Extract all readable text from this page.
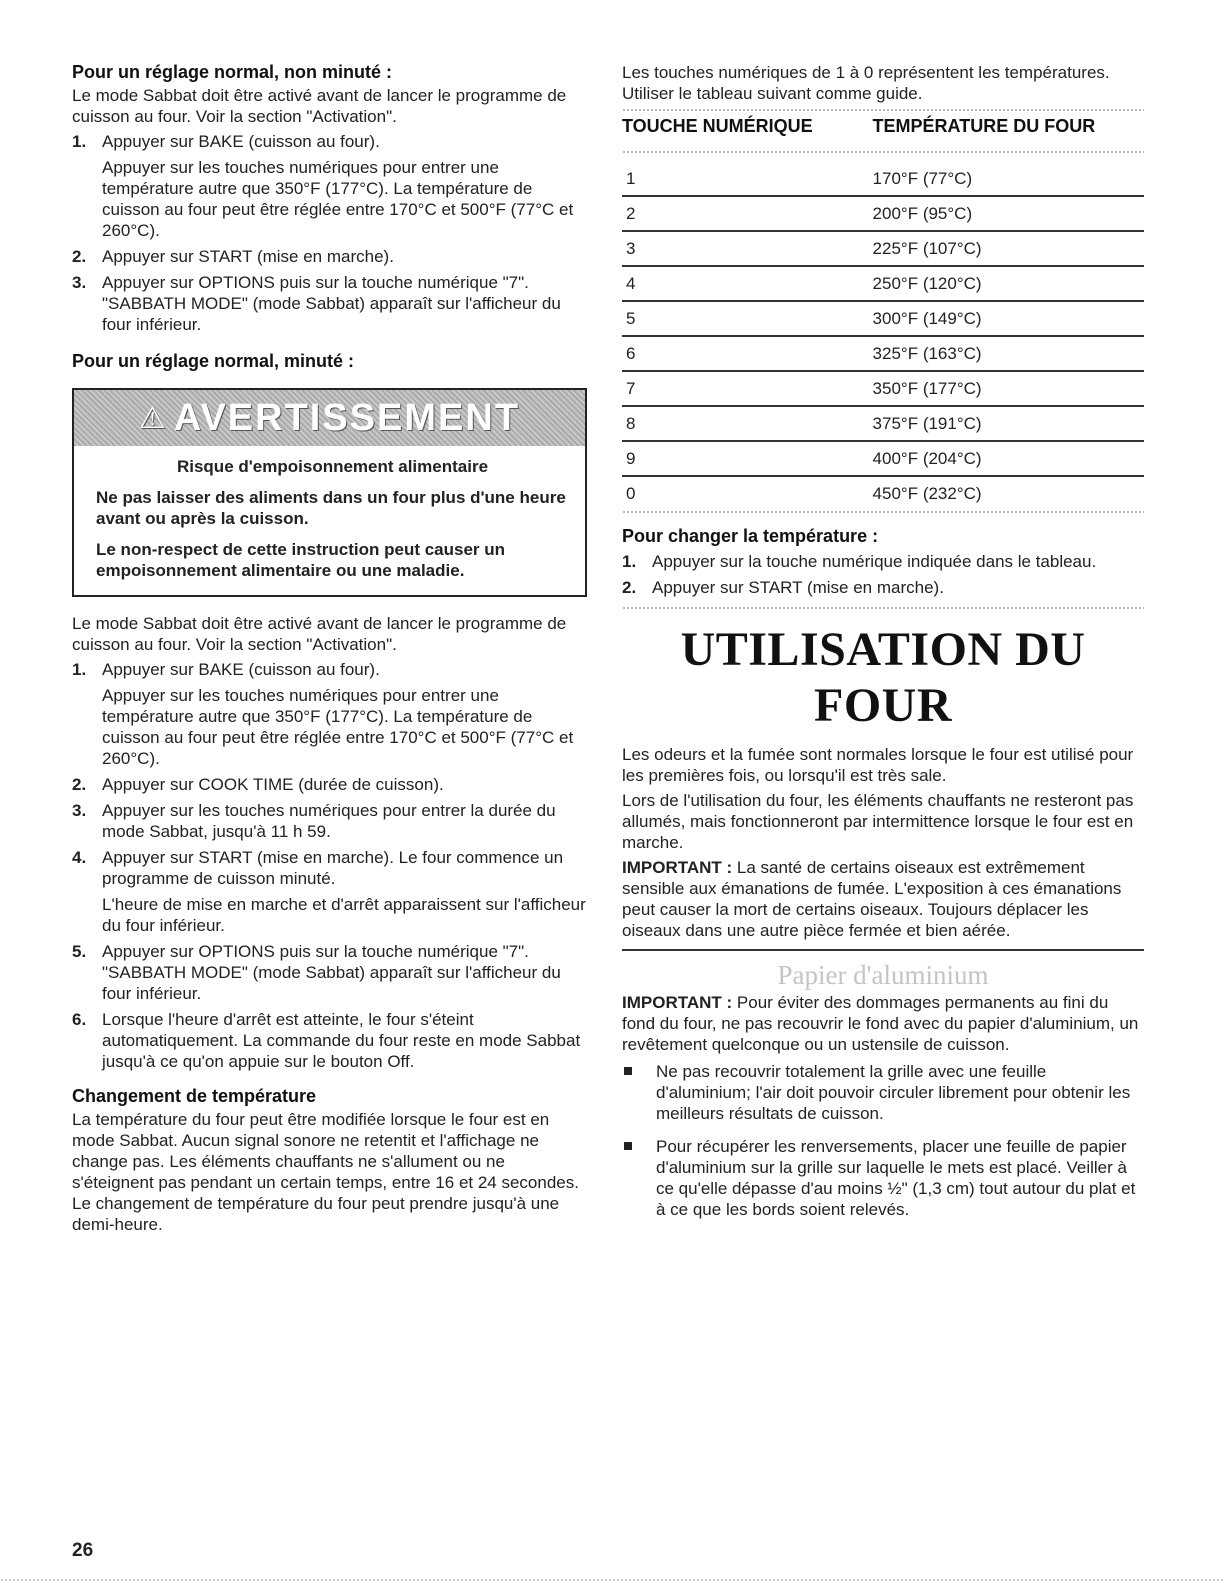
Pour un réglage normal, non minuté :

Le mode Sabbat doit être activé avant de lancer le programme de cuisson au four. Voir la section "Activation".

1. Appuyer sur BAKE (cuisson au four).
Appuyer sur les touches numériques pour entrer une température autre que 350°F (177°C). La température de cuisson au four peut être réglée entre 170°C et 500°F (77°C et 260°C).
2. Appuyer sur START (mise en marche).
3. Appuyer sur OPTIONS puis sur la touche numérique "7". "SABBATH MODE" (mode Sabbat) apparaît sur l'afficheur du four inférieur.
Pour un réglage normal, minuté :
⚠ AVERTISSEMENT
Risque d'empoisonnement alimentaire

Ne pas laisser des aliments dans un four plus d'une heure avant ou après la cuisson.

Le non-respect de cette instruction peut causer un empoisonnement alimentaire ou une maladie.

Le mode Sabbat doit être activé avant de lancer le programme de cuisson au four. Voir la section "Activation".

1. Appuyer sur BAKE (cuisson au four).
Appuyer sur les touches numériques pour entrer une température autre que 350°F (177°C). La température de cuisson au four peut être réglée entre 170°C et 500°F (77°C et 260°C).
2. Appuyer sur COOK TIME (durée de cuisson).
3. Appuyer sur les touches numériques pour entrer la durée du mode Sabbat, jusqu'à 11 h 59.
4. Appuyer sur START (mise en marche). Le four commence un programme de cuisson minuté.
L'heure de mise en marche et d'arrêt apparaissent sur l'afficheur du four inférieur.
5. Appuyer sur OPTIONS puis sur la touche numérique "7". "SABBATH MODE" (mode Sabbat) apparaît sur l'afficheur du four inférieur.
6. Lorsque l'heure d'arrêt est atteinte, le four s'éteint automatiquement. La commande du four reste en mode Sabbat jusqu'à ce qu'on appuie sur le bouton Off.
Changement de température

La température du four peut être modifiée lorsque le four est en mode Sabbat. Aucun signal sonore ne retentit et l'affichage ne change pas. Les éléments chauffants ne s'allument ou ne s'éteignent pas pendant un certain temps, entre 16 et 24 secondes. Le changement de température du four peut prendre jusqu'à une demi-heure.

Les touches numériques de 1 à 0 représentent les températures. Utiliser le tableau suivant comme guide.

TOUCHE NUMÉRIQUE	TEMPÉRATURE DU FOUR

1	170°F (77°C)
2	200°F (95°C)
3	225°F (107°C)
4	250°F (120°C)
5	300°F (149°C)
6	325°F (163°C)
7	350°F (177°C)
8	375°F (191°C)
9	400°F (204°C)
0	450°F (232°C)
Pour changer la température :
1. Appuyer sur la touche numérique indiquée dans le tableau.
2. Appuyer sur START (mise en marche).
UTILISATION DU FOUR

Les odeurs et la fumée sont normales lorsque le four est utilisé pour les premières fois, ou lorsqu'il est très sale.

Lors de l'utilisation du four, les éléments chauffants ne resteront pas allumés, mais fonctionneront par intermittence lorsque le four est en marche.

IMPORTANT : La santé de certains oiseaux est extrêmement sensible aux émanations de fumée. L'exposition à ces émanations peut causer la mort de certains oiseaux. Toujours déplacer les oiseaux dans une autre pièce fermée et bien aérée.

Papier d'aluminium

IMPORTANT : Pour éviter des dommages permanents au fini du fond du four, ne pas recouvrir le fond avec du papier d'aluminium, un revêtement quelconque ou un ustensile de cuisson.

Ne pas recouvrir totalement la grille avec une feuille d'aluminium; l'air doit pouvoir circuler librement pour obtenir les meilleurs résultats de cuisson.
Pour récupérer les renversements, placer une feuille de papier d'aluminium sur la grille sur laquelle le mets est placé. Veiller à ce qu'elle dépasse d'au moins ½" (1,3 cm) tout autour du plat et à ce que les bords soient relevés.
26
